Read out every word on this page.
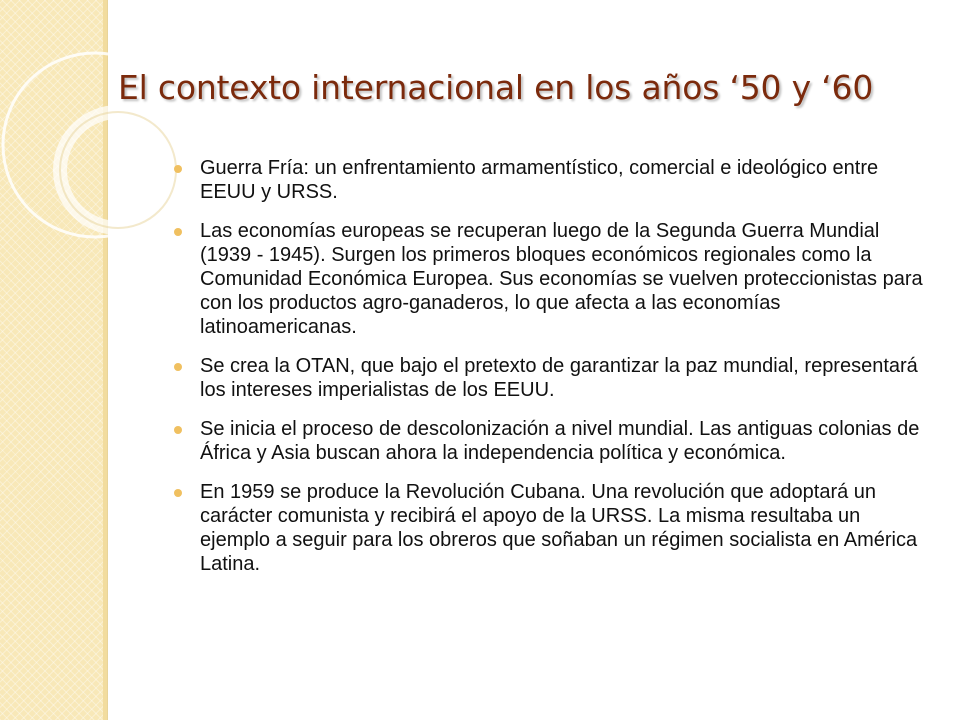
El contexto internacional en los años ‘50 y ‘60
Guerra Fría: un enfrentamiento armamentístico, comercial e ideológico entre EEUU y URSS.
Las economías europeas se recuperan luego de la Segunda Guerra Mundial (1939 - 1945). Surgen los primeros bloques económicos regionales como la Comunidad Económica Europea. Sus economías se vuelven proteccionistas para con los productos agro-ganaderos, lo que afecta a las economías latinoamericanas.
Se crea la OTAN, que bajo el pretexto de garantizar la paz mundial, representará los intereses imperialistas de los EEUU.
Se inicia el proceso de descolonización a nivel mundial. Las antiguas colonias de África y Asia buscan ahora la independencia política y económica.
En 1959 se produce la Revolución Cubana. Una revolución que adoptará un carácter comunista y recibirá el apoyo de la URSS. La misma resultaba un ejemplo a seguir para los obreros que soñaban un régimen socialista en América Latina.
